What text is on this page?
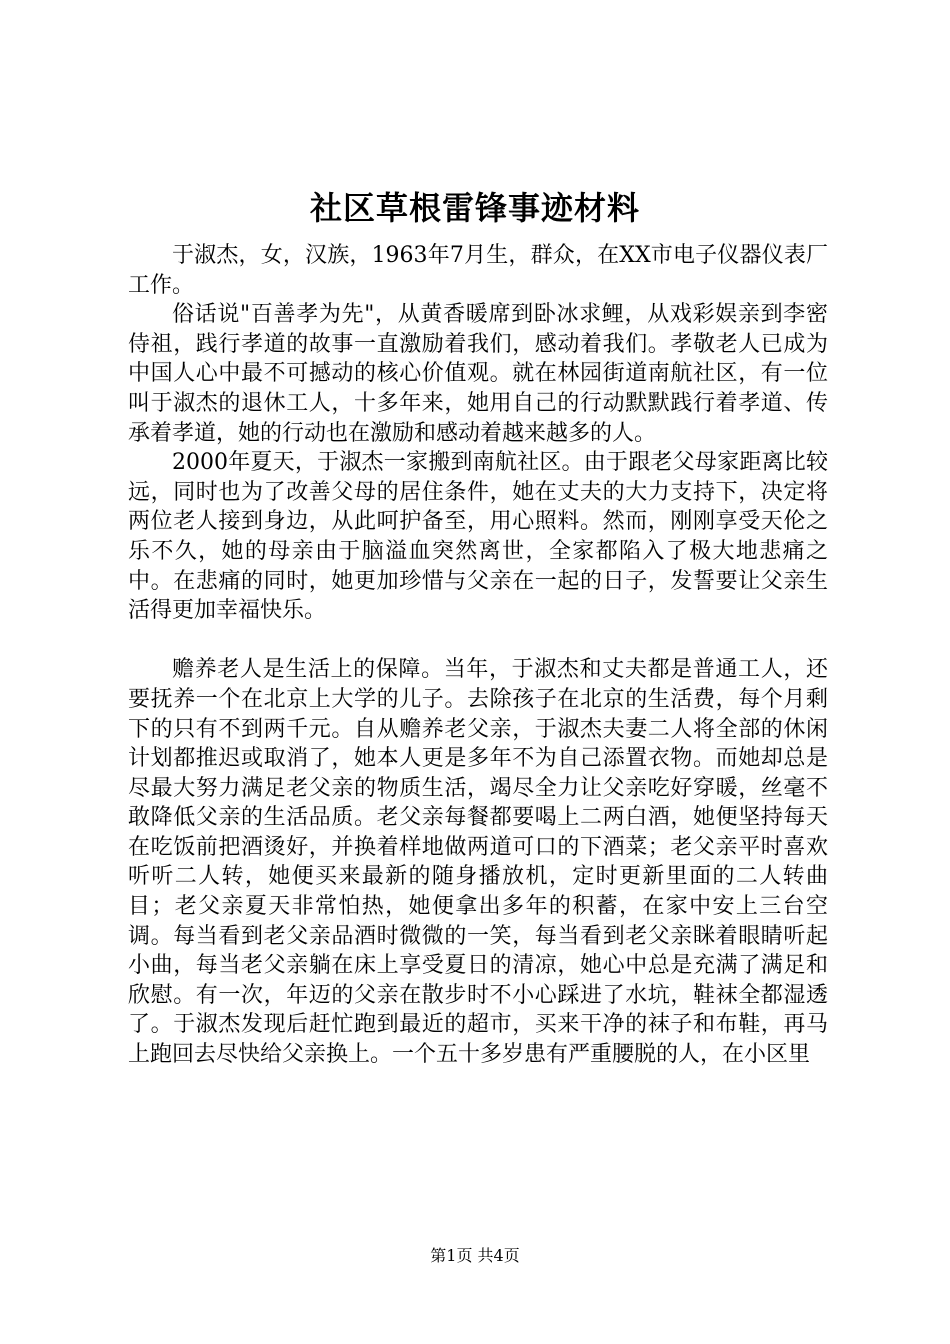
社区草根雷锋事迹材料

于淑杰，女，汉族，1963年7月生，群众，在XX市电子仪器仪表厂工作。

俗话说"百善孝为先"，从黄香暖席到卧冰求鲤，从戏彩娱亲到李密侍祖，践行孝道的故事一直激励着我们，感动着我们。孝敬老人已成为中国人心中最不可撼动的核心价值观。就在林园街道南航社区，有一位叫于淑杰的退休工人，十多年来，她用自己的行动默默践行着孝道、传承着孝道，她的行动也在激励和感动着越来越多的人。

2000年夏天，于淑杰一家搬到南航社区。由于跟老父母家距离比较远，同时也为了改善父母的居住条件，她在丈夫的大力支持下，决定将两位老人接到身边，从此呵护备至，用心照料。然而，刚刚享受天伦之乐不久，她的母亲由于脑溢血突然离世，全家都陷入了极大地悲痛之中。在悲痛的同时，她更加珍惜与父亲在一起的日子，发誓要让父亲生活得更加幸福快乐。

赡养老人是生活上的保障。当年，于淑杰和丈夫都是普通工人，还要抚养一个在北京上大学的儿子。去除孩子在北京的生活费，每个月剩下的只有不到两千元。自从赡养老父亲，于淑杰夫妻二人将全部的休闲计划都推迟或取消了，她本人更是多年不为自己添置衣物。而她却总是尽最大努力满足老父亲的物质生活，竭尽全力让父亲吃好穿暖，丝毫不敢降低父亲的生活品质。老父亲每餐都要喝上二两白酒，她便坚持每天在吃饭前把酒烫好，并换着样地做两道可口的下酒菜；老父亲平时喜欢听听二人转，她便买来最新的随身播放机，定时更新里面的二人转曲目；老父亲夏天非常怕热，她便拿出多年的积蓄，在家中安上三台空调。每当看到老父亲品酒时微微的一笑，每当看到老父亲眯着眼睛听起小曲，每当老父亲躺在床上享受夏日的清凉，她心中总是充满了满足和欣慰。有一次，年迈的父亲在散步时不小心踩进了水坑，鞋袜全都湿透了。于淑杰发现后赶忙跑到最近的超市，买来干净的袜子和布鞋，再马上跑回去尽快给父亲换上。一个五十多岁患有严重腰脱的人，在小区里

第1页 共4页
